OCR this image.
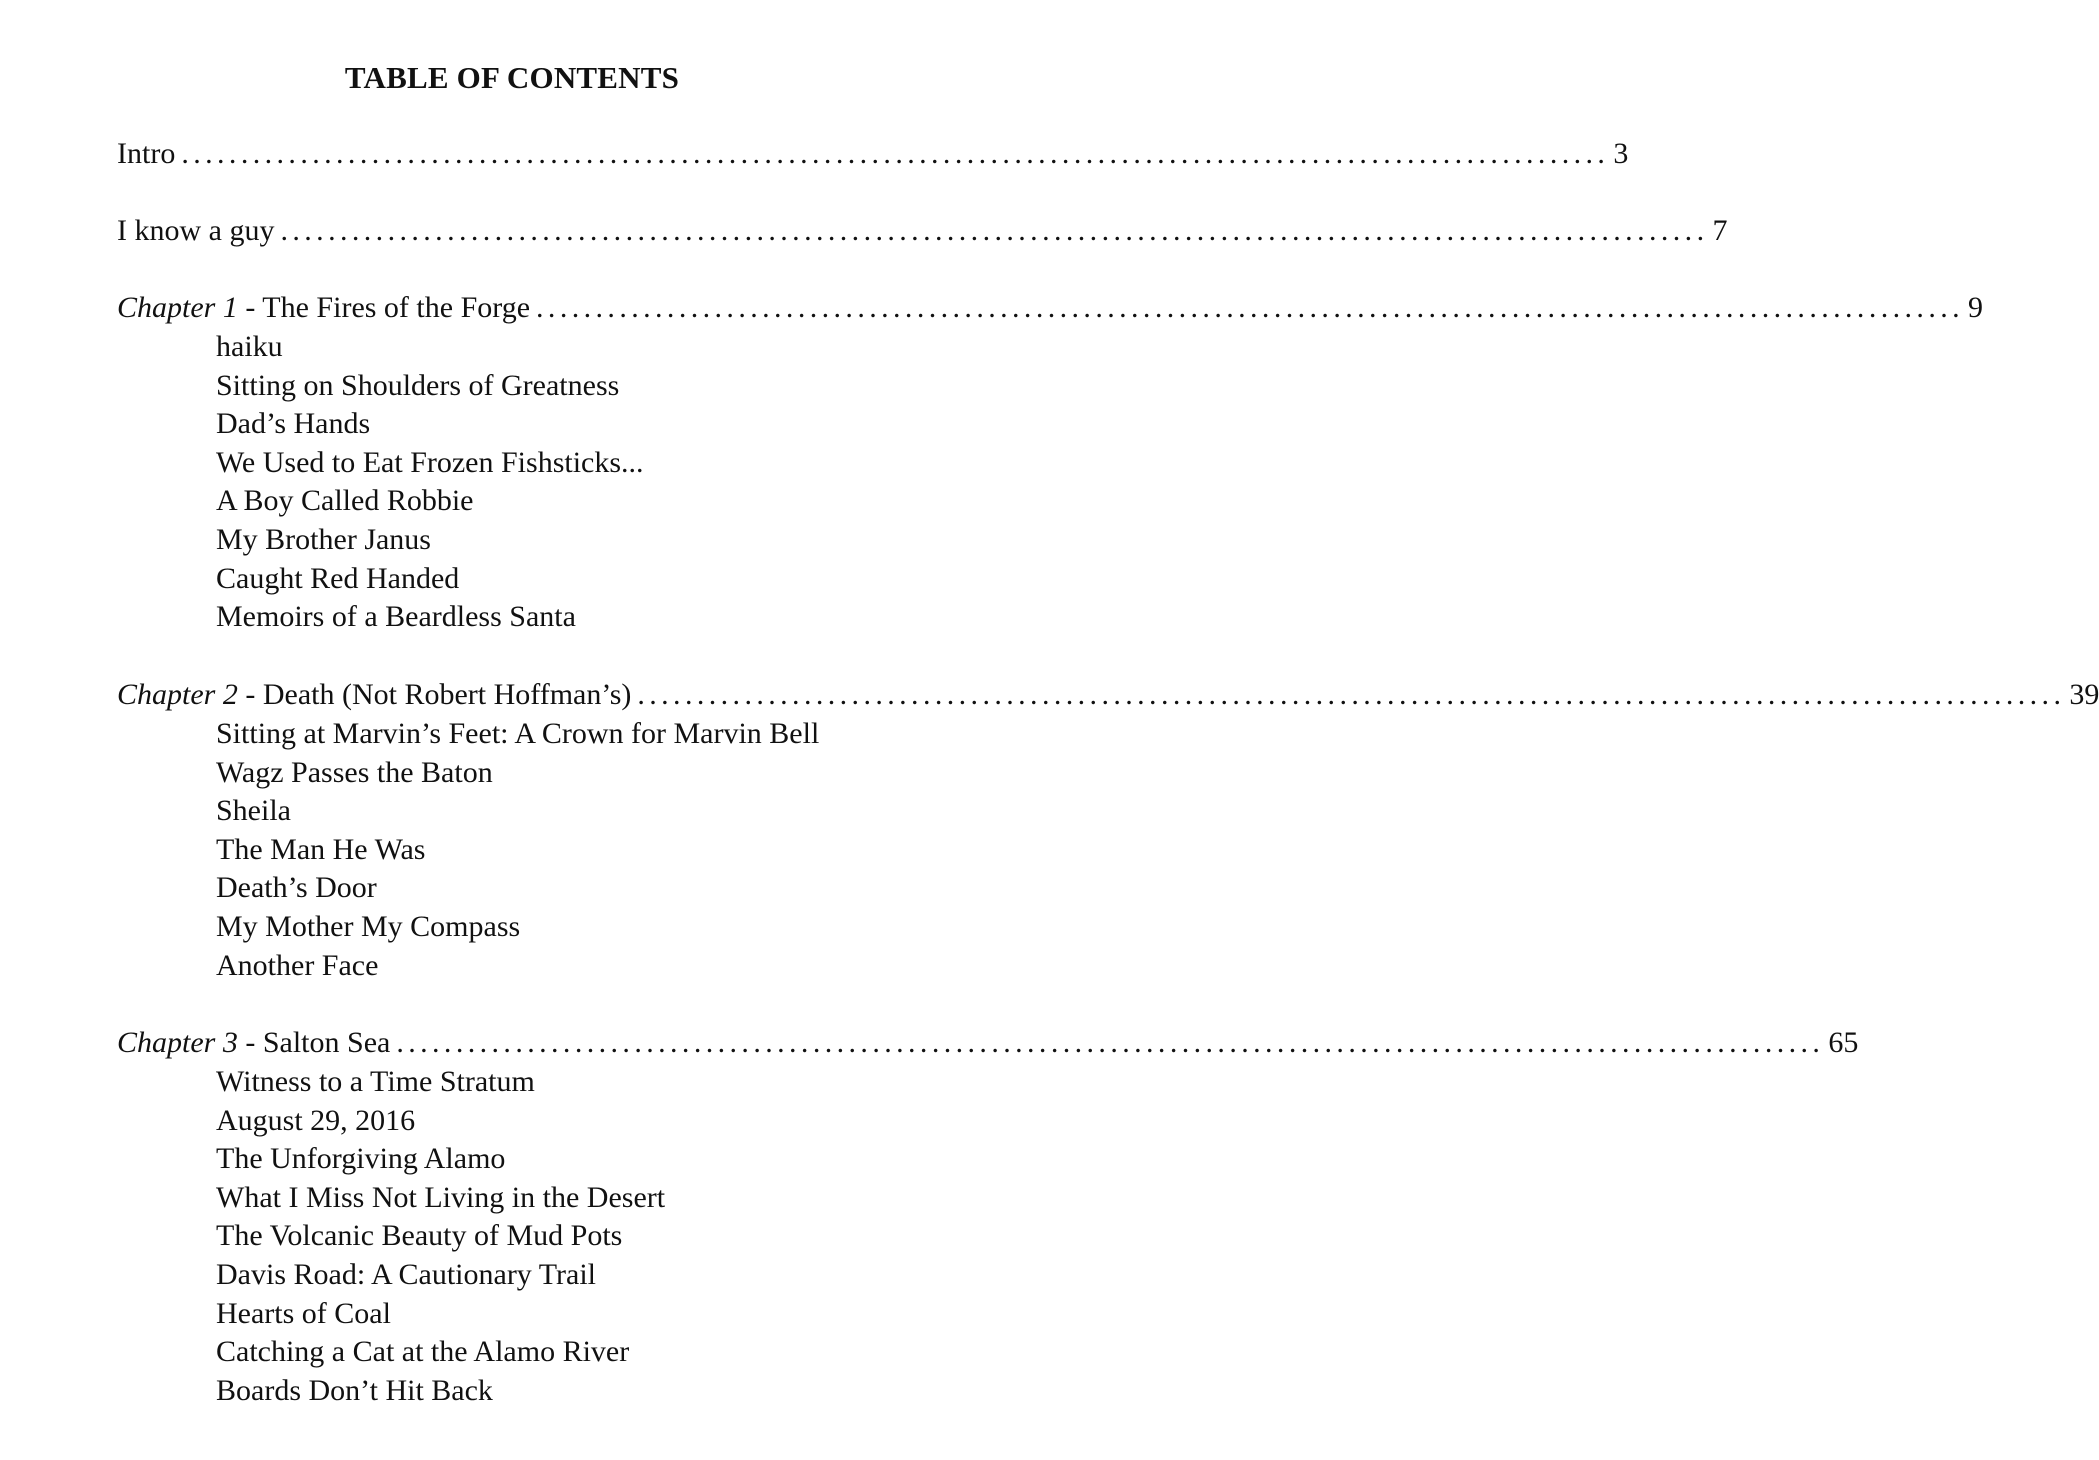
TABLE OF CONTENTS
Intro ........................................................................................................................ 3
I know a guy ........................................................................................................................ 7
Chapter 1 - The Fires of the Forge ........................................................................................................................ 9
haiku
Sitting on Shoulders of Greatness
Dad’s Hands
We Used to Eat Frozen Fishsticks...
A Boy Called Robbie
My Brother Janus
Caught Red Handed
Memoirs of a Beardless Santa
Chapter 2 - Death (Not Robert Hoffman’s) ........................................................................................................................ 39
Sitting at Marvin’s Feet: A Crown for Marvin Bell
Wagz Passes the Baton
Sheila
The Man He Was
Death’s Door
My Mother My Compass
Another Face
Chapter 3 - Salton Sea ........................................................................................................................ 65
Witness to a Time Stratum
August 29, 2016
The Unforgiving Alamo
What I Miss Not Living in the Desert
The Volcanic Beauty of Mud Pots
Davis Road: A Cautionary Trail
Hearts of Coal
Catching a Cat at the Alamo River
Boards Don’t Hit Back
